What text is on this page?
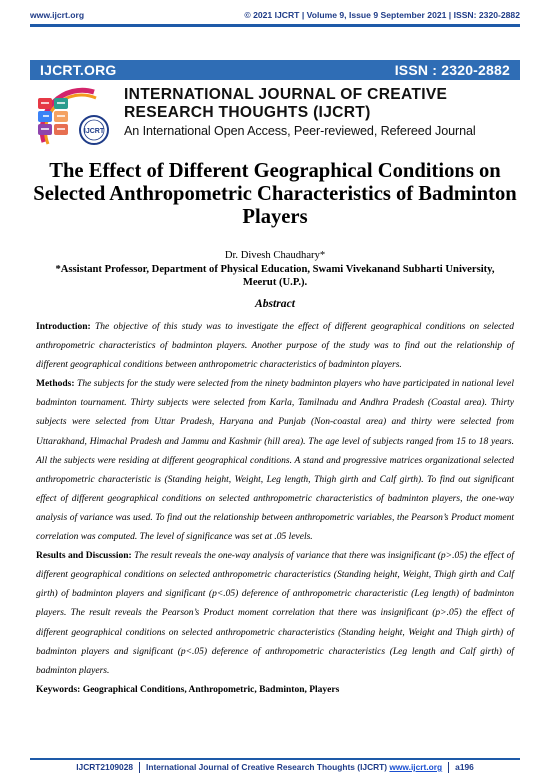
www.ijcrt.org	© 2021 IJCRT | Volume 9, Issue 9 September 2021 | ISSN: 2320-2882
IJCRT.ORG	ISSN : 2320-2882
IJCRT
INTERNATIONAL JOURNAL OF CREATIVE
RESEARCH THOUGHTS (IJCRT)
An International Open Access, Peer-reviewed, Refereed Journal
The Effect of Different Geographical Conditions on Selected Anthropometric Characteristics of Badminton Players
Dr. Divesh Chaudhary*
*Assistant Professor, Department of Physical Education, Swami Vivekanand Subharti University, Meerut (U.P.).
Abstract

Introduction: The objective of this study was to investigate the effect of different geographical conditions on selected anthropometric characteristics of badminton players. Another purpose of the study was to find out the relationship of different geographical conditions between anthropometric characteristics of badminton players.

Methods: The subjects for the study were selected from the ninety badminton players who have participated in national level badminton tournament. Thirty subjects were selected from Karla, Tamilnadu and Andhra Pradesh (Coastal area). Thirty subjects were selected from Uttar Pradesh, Haryana and Punjab (Non-coastal area) and thirty were selected from Uttarakhand, Himachal Pradesh and Jammu and Kashmir (hill area). The age level of subjects ranged from 15 to 18 years. All the subjects were residing at different geographical conditions. A stand and progressive matrices organizational selected anthropometric characteristic is (Standing height, Weight, Leg length, Thigh girth and Calf girth). To find out significant effect of different geographical conditions on selected anthropometric characteristics of badminton players, the one-way analysis of variance was used. To find out the relationship between anthropometric variables, the Pearson’s Product moment correlation was computed. The level of significance was set at .05 levels.

Results and Discussion: The result reveals the one-way analysis of variance that there was insignificant (p>.05) the effect of different geographical conditions on selected anthropometric characteristics (Standing height, Weight, Thigh girth and Calf girth) of badminton players and significant (p<.05) deference of anthropometric characteristic (Leg length) of badminton players. The result reveals the Pearson’s Product moment correlation that there was insignificant (p>.05) the effect of different geographical conditions on selected anthropometric characteristics (Standing height, Weight and Thigh girth) of badminton players and significant (p<.05) deference of anthropometric characteristics (Leg length and Calf girth) of badminton players.

Keywords: Geographical Conditions, Anthropometric, Badminton, Players

IJCRT2109028 International Journal of Creative Research Thoughts (IJCRT) www.ijcrt.org a196
